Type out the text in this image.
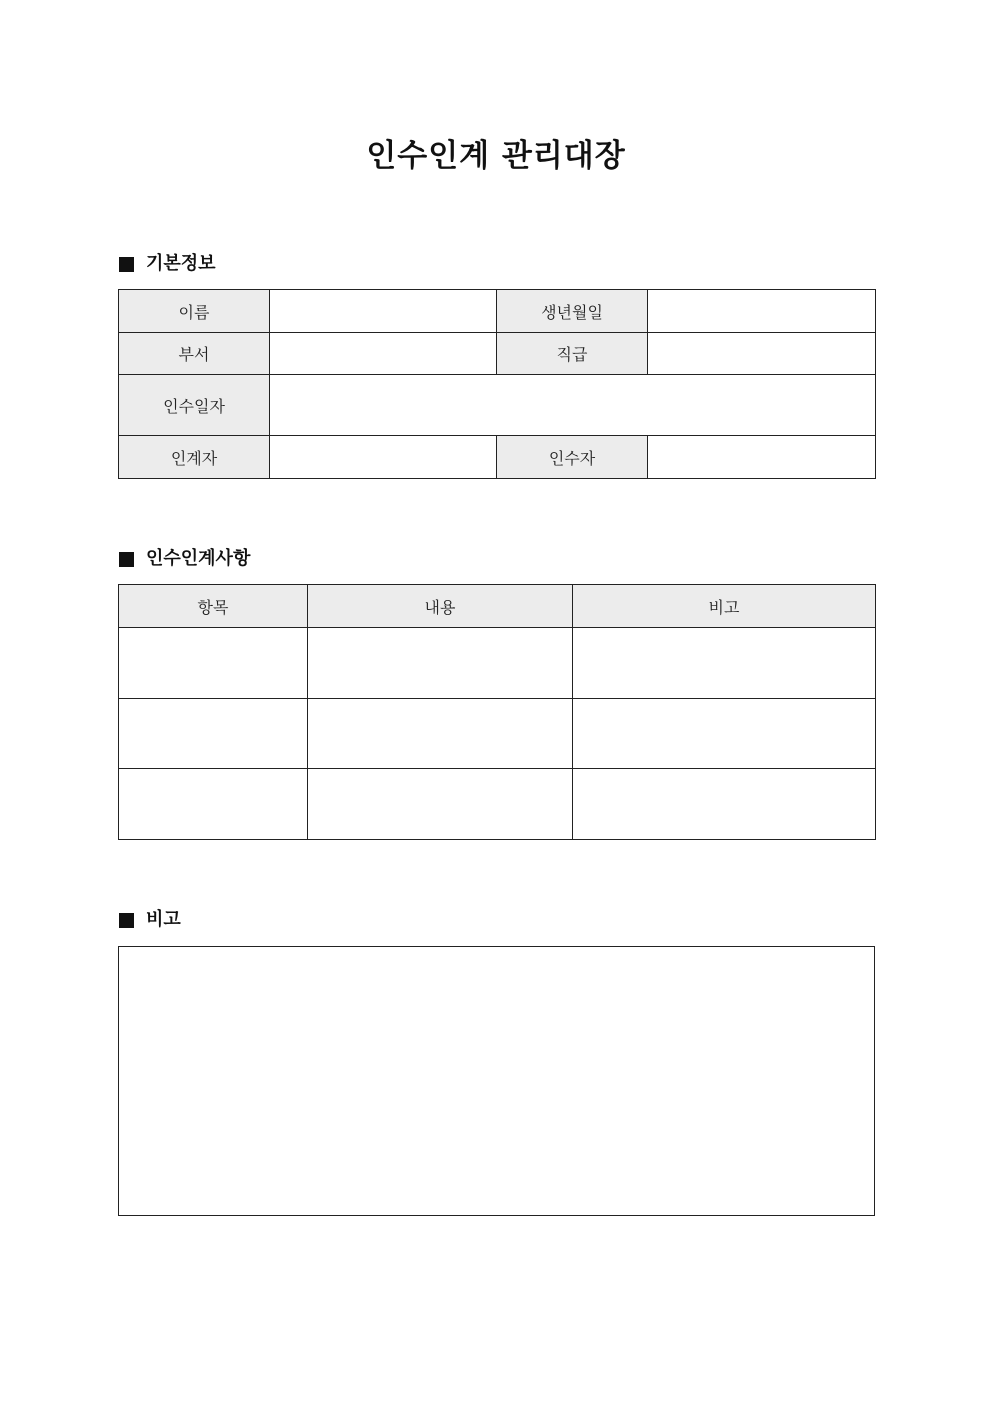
인수인계 관리대장
기본정보
이름		생년월일	
부서		직급	
인수일자			
인계자		인수자	
인수인계사항
항목	내용	비고

비고
